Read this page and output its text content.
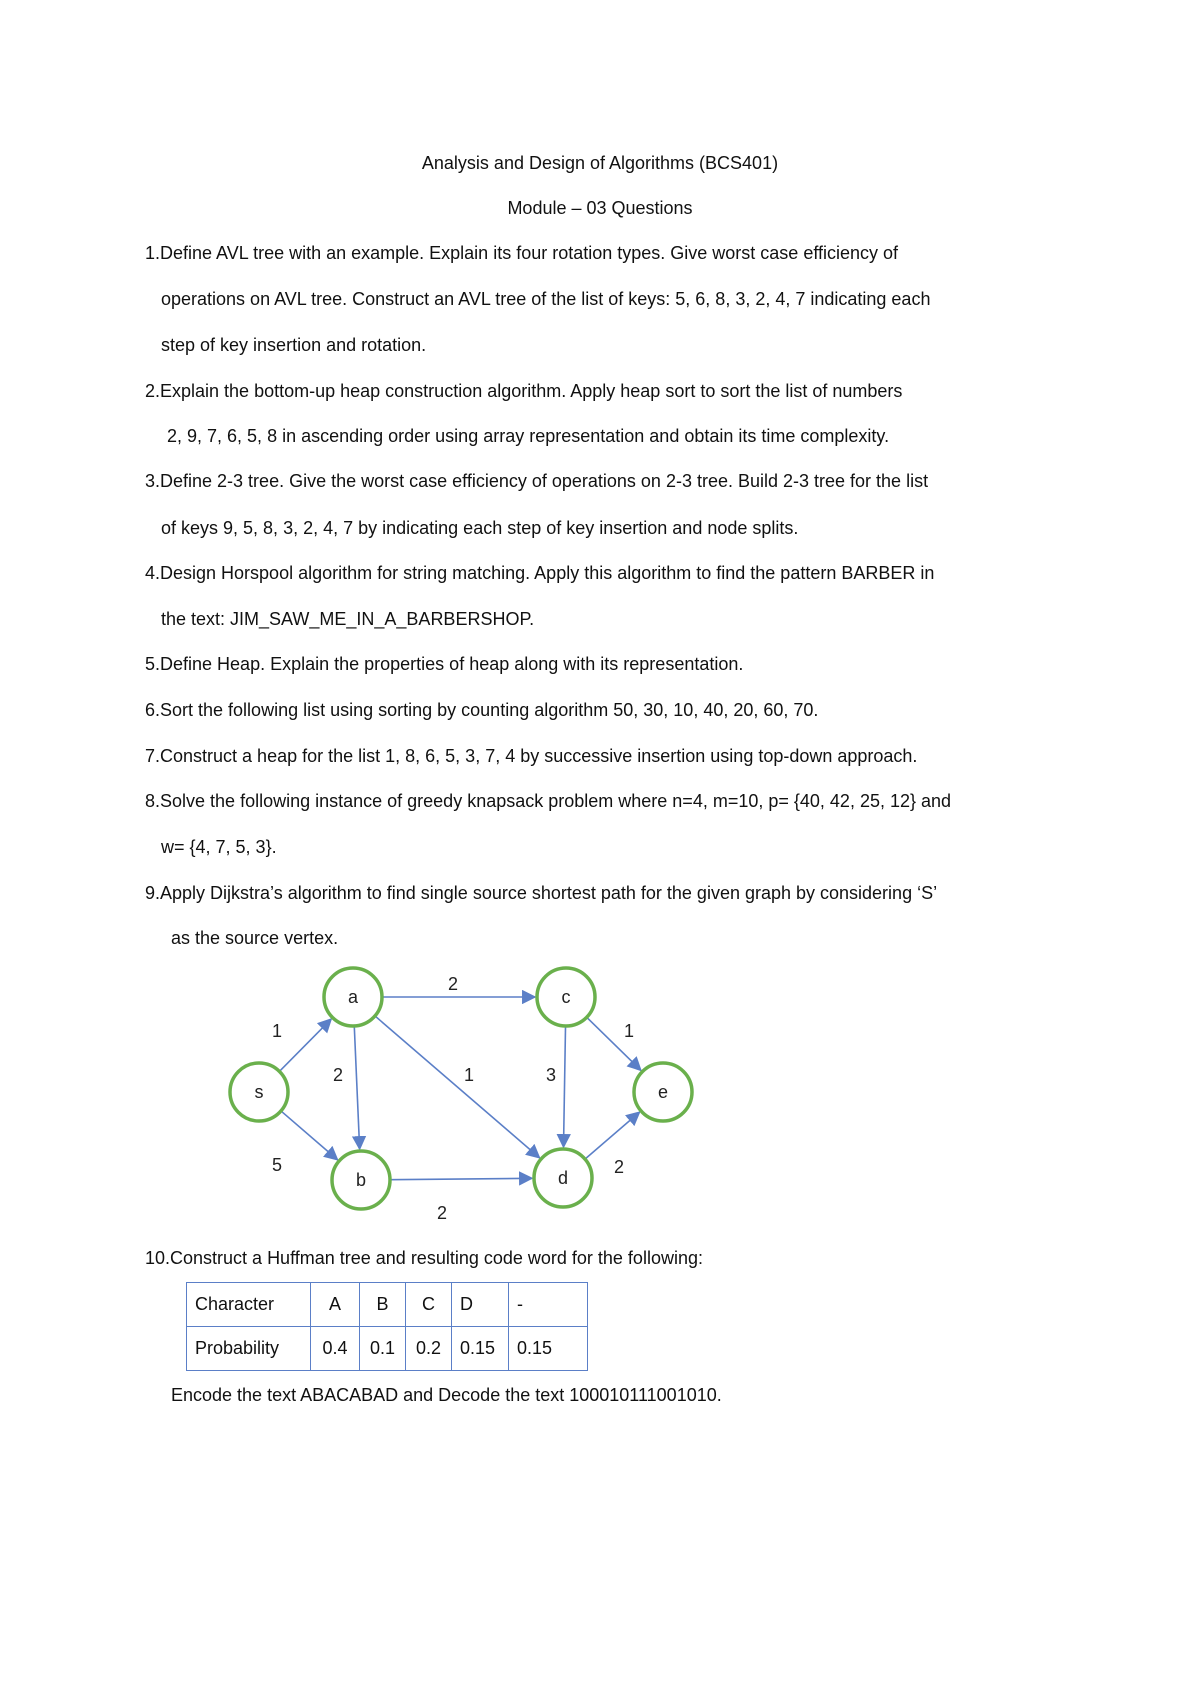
Analysis and Design of Algorithms (BCS401)
Module – 03 Questions
1.Define AVL tree with an example. Explain its four rotation types. Give worst case efficiency of
operations on AVL tree. Construct an AVL tree of the list of keys: 5, 6, 8, 3, 2, 4, 7 indicating each
step of key insertion and rotation.
2.Explain the bottom-up heap construction algorithm. Apply heap sort to sort the list of numbers
2, 9, 7, 6, 5, 8 in ascending order using array representation and obtain its time complexity.
3.Define 2-3 tree. Give the worst case efficiency of operations on 2-3 tree. Build 2-3 tree for the list
of keys 9, 5, 8, 3, 2, 4, 7 by indicating each step of key insertion and node splits.
4.Design Horspool algorithm for string matching. Apply this algorithm to find the pattern BARBER in
the text: JIM_SAW_ME_IN_A_BARBERSHOP.
5.Define Heap. Explain the properties of heap along with its representation.
6.Sort the following list using sorting by counting algorithm 50, 30, 10, 40, 20, 60, 70.
7.Construct a heap for the list 1, 8, 6, 5, 3, 7, 4 by successive insertion using top-down approach.
8.Solve the following instance of greedy knapsack problem where n=4, m=10, p= {40, 42, 25, 12} and
w= {4, 7, 5, 3}.
9.Apply Dijkstra’s algorithm to find single source shortest path for the given graph by considering ‘S’
as the source vertex.
1
5
2
2	1	3
1
2
2
s
a
b
c
d
e
10.Construct a Huffman tree and resulting code word for the following:
Character	A	B	C	D	-
Probability	0.4	0.1	0.2	0.15	0.15
Encode the text ABACABAD and Decode the text 100010111001010.
